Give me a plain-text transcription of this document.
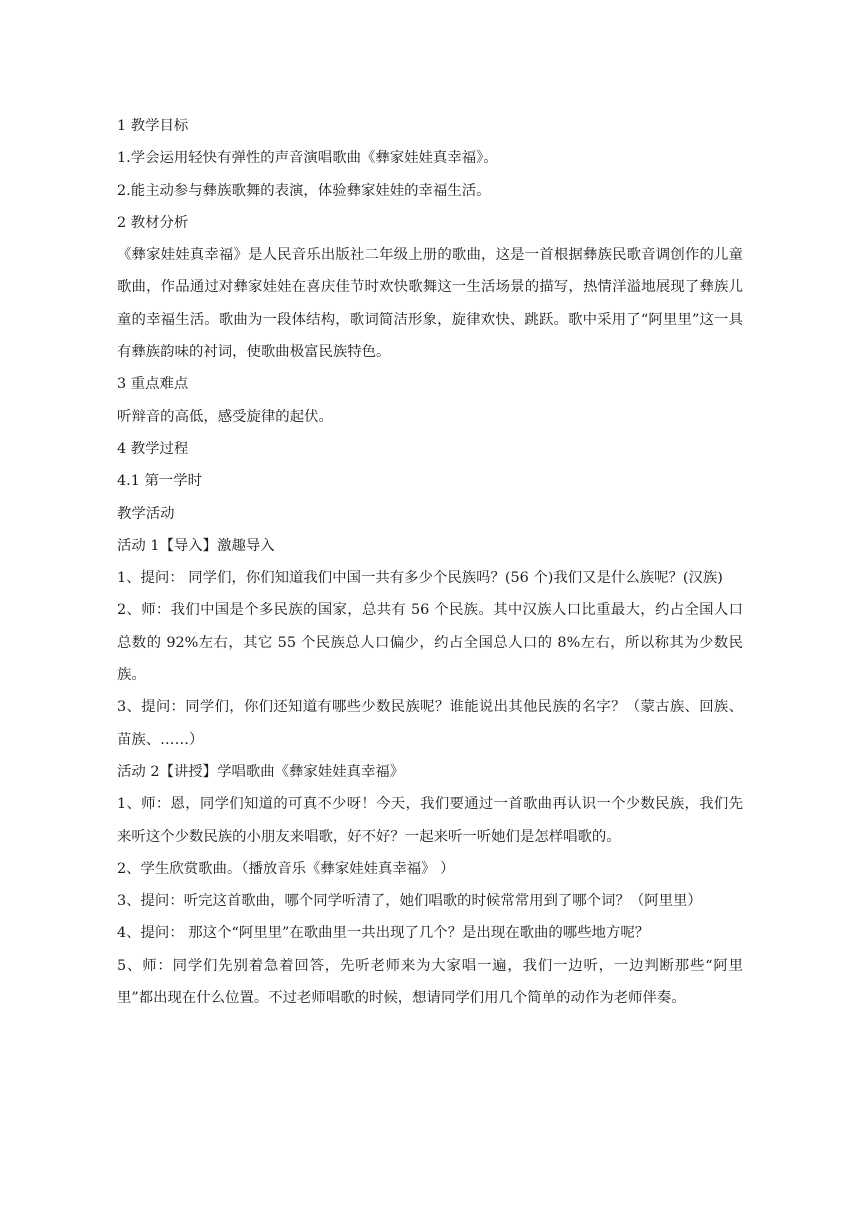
1 教学目标

1.学会运用轻快有弹性的声音演唱歌曲《彝家娃娃真幸福》。

2.能主动参与彝族歌舞的表演，体验彝家娃娃的幸福生活。

2 教材分析

《彝家娃娃真幸福》是人民音乐出版社二年级上册的歌曲，这是一首根据彝族民歌音调创作的儿童歌曲，作品通过对彝家娃娃在喜庆佳节时欢快歌舞这一生活场景的描写，热情洋溢地展现了彝族儿童的幸福生活。歌曲为一段体结构，歌词简洁形象，旋律欢快、跳跃。歌中采用了“阿里里”这一具有彝族韵味的衬词，使歌曲极富民族特色。

3 重点难点

听辩音的高低，感受旋律的起伏。

4 教学过程

4.1 第一学时

教学活动

活动 1【导入】激趣导入

1、提问： 同学们，你们知道我们中国一共有多少个民族吗？(56 个)我们又是什么族呢？(汉族)

2、师：我们中国是个多民族的国家，总共有 56 个民族。其中汉族人口比重最大，约占全国人口总数的 92%左右，其它 55 个民族总人口偏少，约占全国总人口的 8%左右，所以称其为少数民族。

3、提问：同学们，你们还知道有哪些少数民族呢？谁能说出其他民族的名字？（蒙古族、回族、苗族、……）

活动 2【讲授】学唱歌曲《彝家娃娃真幸福》

1、师：恩，同学们知道的可真不少呀！今天，我们要通过一首歌曲再认识一个少数民族，我们先来听这个少数民族的小朋友来唱歌，好不好？一起来听一听她们是怎样唱歌的。

2、学生欣赏歌曲。（播放音乐《彝家娃娃真幸福》 ）

3、提问：听完这首歌曲，哪个同学听清了，她们唱歌的时候常常用到了哪个词？（阿里里）

4、提问： 那这个“阿里里”在歌曲里一共出现了几个？是出现在歌曲的哪些地方呢？

5、师：同学们先别着急着回答，先听老师来为大家唱一遍，我们一边听，一边判断那些“阿里里”都出现在什么位置。不过老师唱歌的时候，想请同学们用几个简单的动作为老师伴奏。
